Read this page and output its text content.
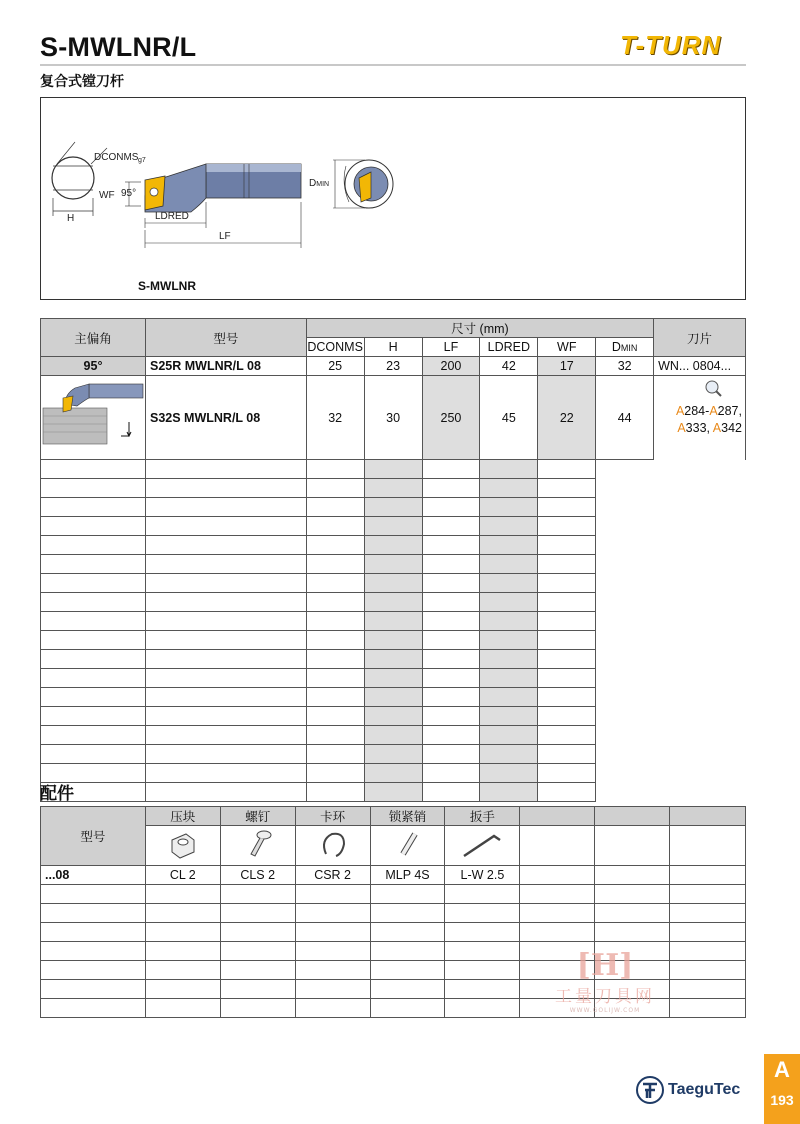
S-MWLNR/L	T-TURN
复合式镗刀杆
H
DCONMS g7
WF 95°
LDRED
LF
DMIN
S-MWLNR
主偏角	型号	尺寸 (mm)						刀片
		DCONMS	H	LF	LDRED	WF	DMIN	
95°	S25R MWLNR/L 08	25	23	200	42	17	32	WN... 0804...
	S32S MWLNR/L 08	32	30	250	45	22	44	A284-A287,
A333, A342

配件
型号	压块	螺钉	卡环	锁紧销	扳手			

...08	CL 2	CLS 2	CSR 2	MLP 4S	L-W 2.5			

[H]
工量刀具网
WWW.GOLIJW.COM
TaeguTec
A
193
